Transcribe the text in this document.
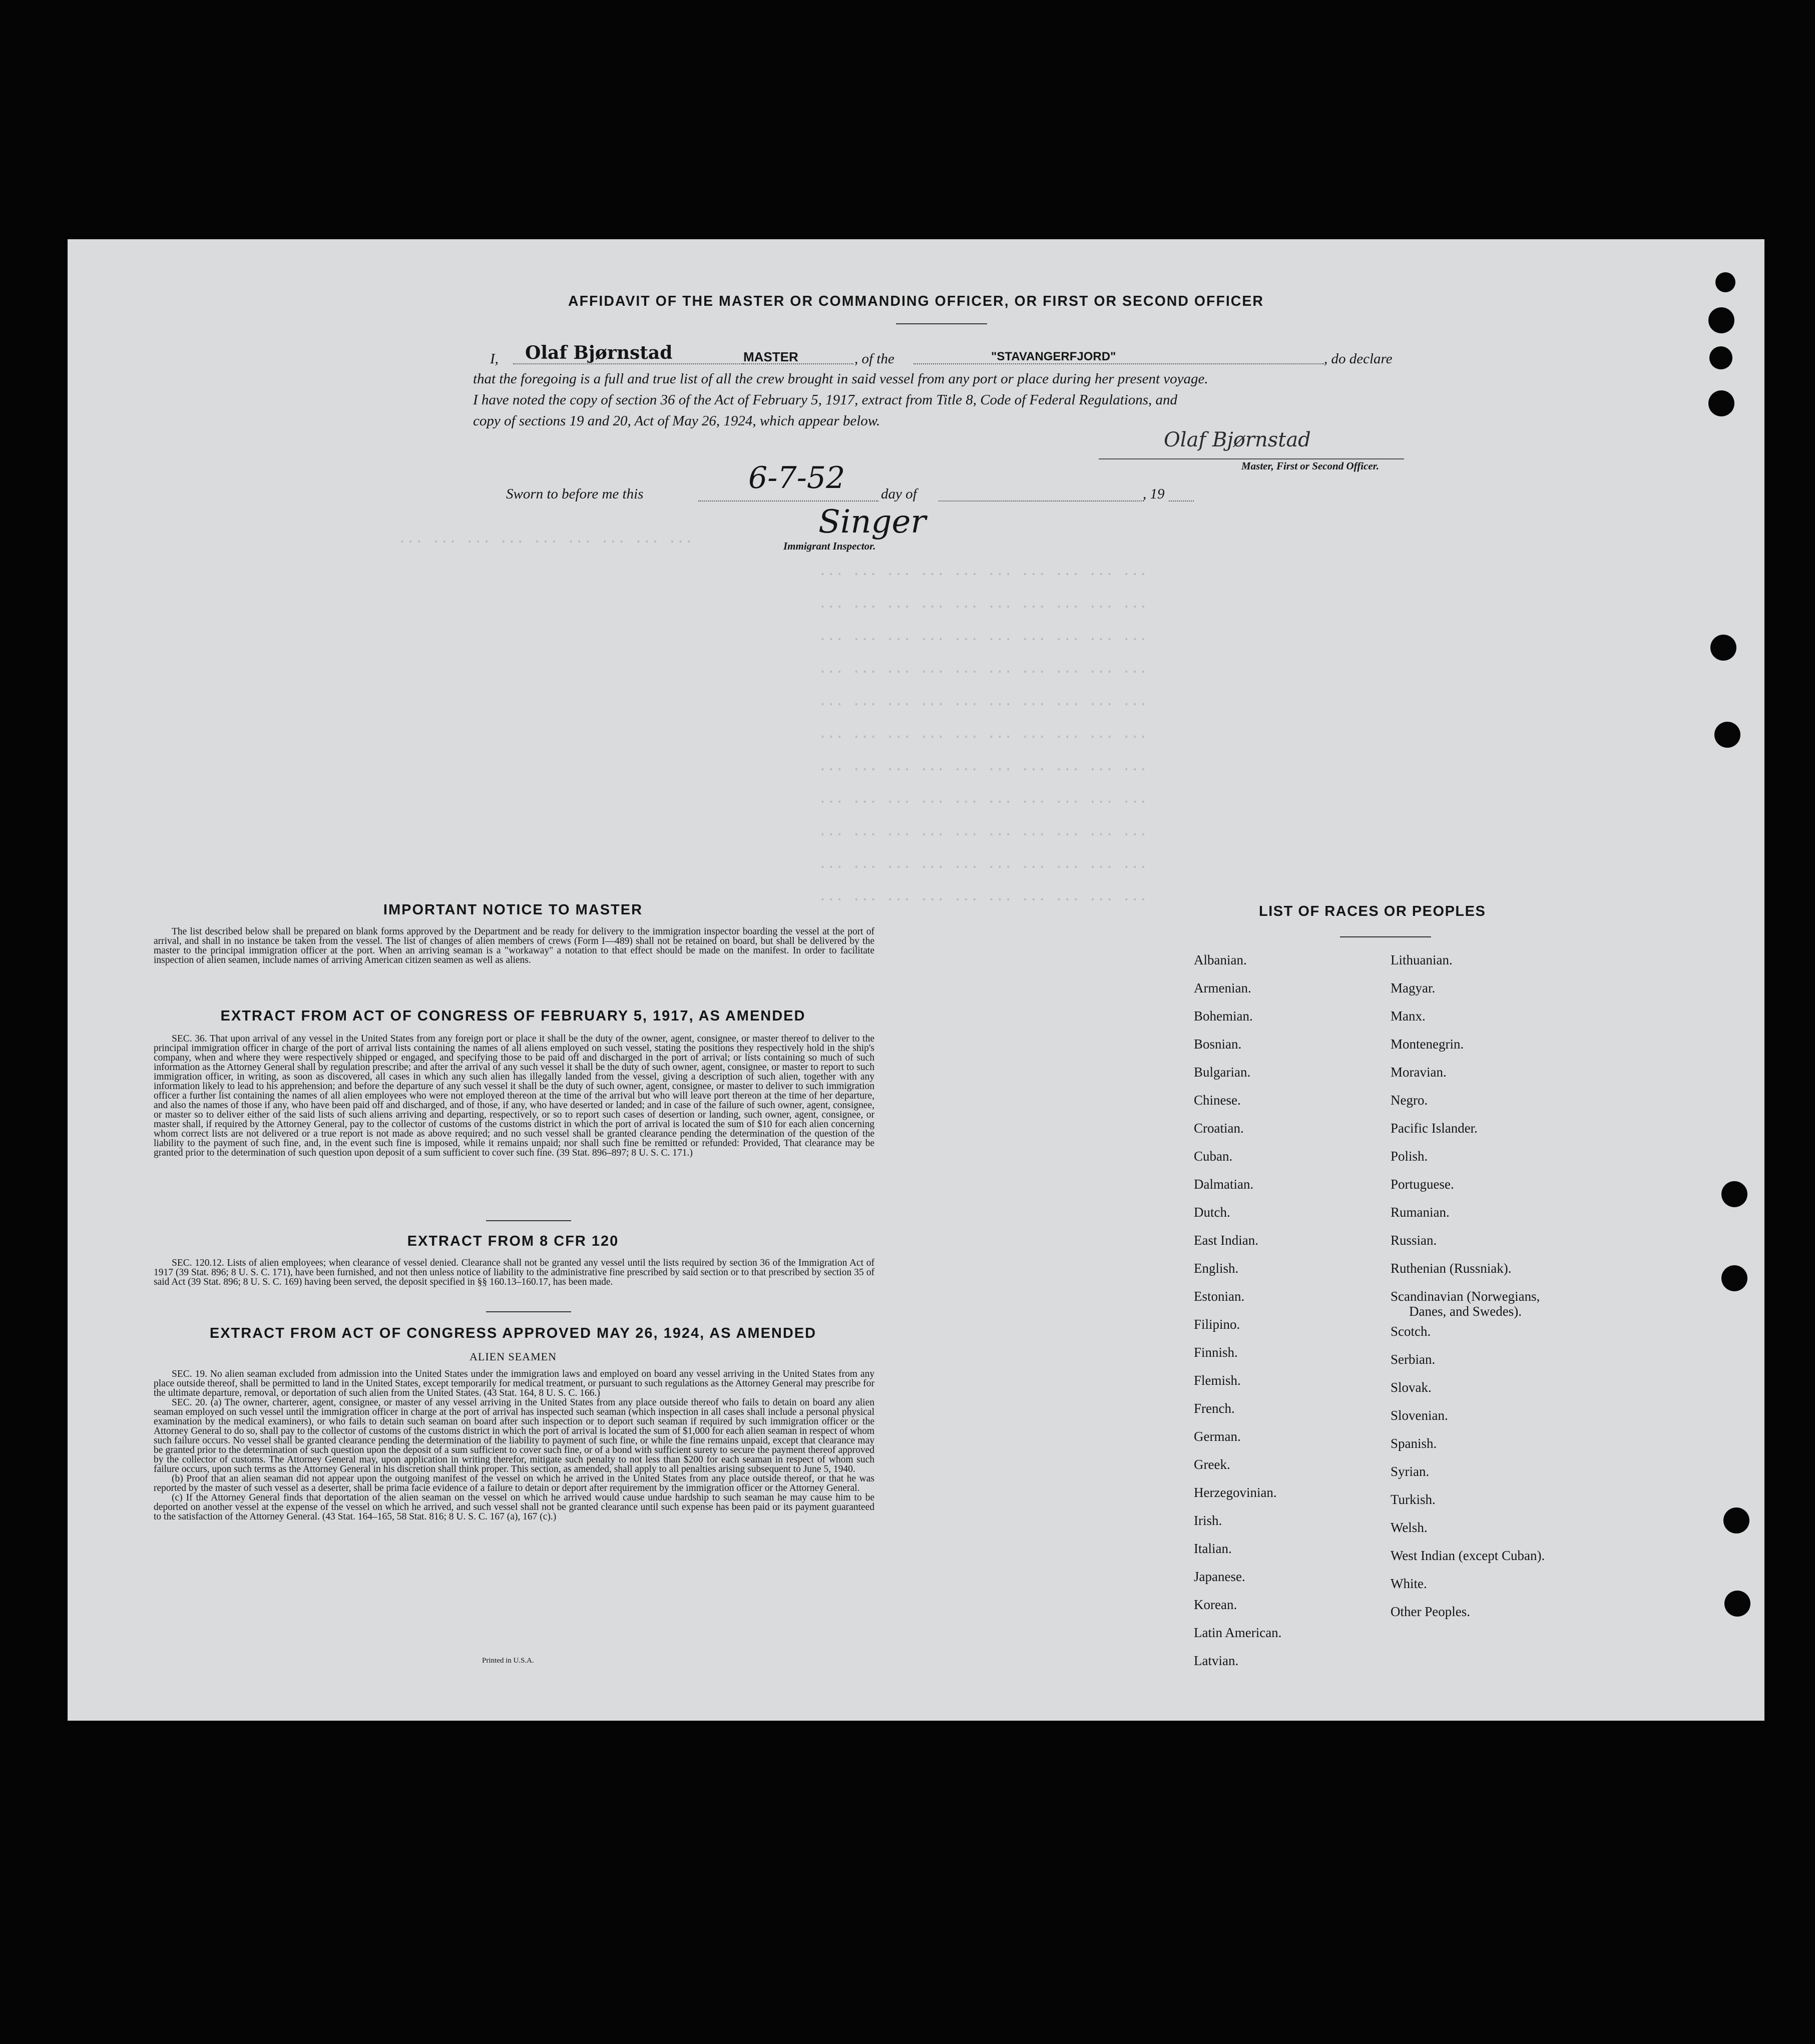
... ... ... ... ... ... ... ... ...
... ... ... ... ... ... ... ... ... ...
... ... ... ... ... ... ... ... ... ...
... ... ... ... ... ... ... ... ... ...
... ... ... ... ... ... ... ... ... ...
... ... ... ... ... ... ... ... ... ...
... ... ... ... ... ... ... ... ... ...
... ... ... ... ... ... ... ... ... ...
... ... ... ... ... ... ... ... ... ...
... ... ... ... ... ... ... ... ... ...
... ... ... ... ... ... ... ... ... ...
... ... ... ... ... ... ... ... ... ...
AFFIDAVIT OF THE MASTER OR COMMANDING OFFICER, OR FIRST OR SECOND OFFICER
I, Olaf Bjørnstad	MASTER	, of the	"STAVANGERFJORD"	, do declare
that the foregoing is a full and true list of all the crew brought in said vessel from any port or place during her present voyage.
I have noted the copy of section 36 of the Act of February 5, 1917, extract from Title 8, Code of Federal Regulations, and
copy of sections 19 and 20, Act of May 26, 1924, which appear below.
Olaf Bjørnstad
Master, First or Second Officer.
Sworn to before me this	6-7-52 day of	, 19
Singer
Immigrant Inspector.
IMPORTANT NOTICE TO MASTER

The list described below shall be prepared on blank forms approved by the Department and be ready for delivery to the immigration inspector boarding the vessel at the port of arrival, and shall in no instance be taken from the vessel. The list of changes of alien members of crews (Form I—489) shall not be retained on board, but shall be delivered by the master to the principal immigration officer at the port. When an arriving seaman is a "workaway" a notation to that effect should be made on the manifest. In order to facilitate inspection of alien seamen, include names of arriving American citizen seamen as well as aliens.

EXTRACT FROM ACT OF CONGRESS OF FEBRUARY 5, 1917, AS AMENDED

SEC. 36. That upon arrival of any vessel in the United States from any foreign port or place it shall be the duty of the owner, agent, consignee, or master thereof to deliver to the principal immigration officer in charge of the port of arrival lists containing the names of all aliens employed on such vessel, stating the positions they respectively hold in the ship's company, when and where they were respectively shipped or engaged, and specifying those to be paid off and discharged in the port of arrival; or lists containing so much of such information as the Attorney General shall by regulation prescribe; and after the arrival of any such vessel it shall be the duty of such owner, agent, consignee, or master to report to such immigration officer, in writing, as soon as discovered, all cases in which any such alien has illegally landed from the vessel, giving a description of such alien, together with any information likely to lead to his apprehension; and before the departure of any such vessel it shall be the duty of such owner, agent, consignee, or master to deliver to such immigration officer a further list containing the names of all alien employees who were not employed thereon at the time of the arrival but who will leave port thereon at the time of her departure, and also the names of those if any, who have been paid off and discharged, and of those, if any, who have deserted or landed; and in case of the failure of such owner, agent, consignee, or master so to deliver either of the said lists of such aliens arriving and departing, respectively, or so to report such cases of desertion or landing, such owner, agent, consignee, or master shall, if required by the Attorney General, pay to the collector of customs of the customs district in which the port of arrival is located the sum of $10 for each alien concerning whom correct lists are not delivered or a true report is not made as above required; and no such vessel shall be granted clearance pending the determination of the question of the liability to the payment of such fine, and, in the event such fine is imposed, while it remains unpaid; nor shall such fine be remitted or refunded: Provided, That clearance may be granted prior to the determination of such question upon deposit of a sum sufficient to cover such fine. (39 Stat. 896–897; 8 U. S. C. 171.)

EXTRACT FROM 8 CFR 120

SEC. 120.12. Lists of alien employees; when clearance of vessel denied. Clearance shall not be granted any vessel until the lists required by section 36 of the Immigration Act of 1917 (39 Stat. 896; 8 U. S. C. 171), have been furnished, and not then unless notice of liability to the administrative fine prescribed by said section or to that prescribed by section 35 of said Act (39 Stat. 896; 8 U. S. C. 169) having been served, the deposit specified in §§ 160.13–160.17, has been made.

EXTRACT FROM ACT OF CONGRESS APPROVED MAY 26, 1924, AS AMENDED
ALIEN SEAMEN

SEC. 19. No alien seaman excluded from admission into the United States under the immigration laws and employed on board any vessel arriving in the United States from any place outside thereof, shall be permitted to land in the United States, except temporarily for medical treatment, or pursuant to such regulations as the Attorney General may prescribe for the ultimate departure, removal, or deportation of such alien from the United States. (43 Stat. 164, 8 U. S. C. 166.)

SEC. 20. (a) The owner, charterer, agent, consignee, or master of any vessel arriving in the United States from any place outside thereof who fails to detain on board any alien seaman employed on such vessel until the immigration officer in charge at the port of arrival has inspected such seaman (which inspection in all cases shall include a personal physical examination by the medical examiners), or who fails to detain such seaman on board after such inspection or to deport such seaman if required by such immigration officer or the Attorney General to do so, shall pay to the collector of customs of the customs district in which the port of arrival is located the sum of $1,000 for each alien seaman in respect of whom such failure occurs. No vessel shall be granted clearance pending the determination of the liability to payment of such fine, or while the fine remains unpaid, except that clearance may be granted prior to the determination of such question upon the deposit of a sum sufficient to cover such fine, or of a bond with sufficient surety to secure the payment thereof approved by the collector of customs. The Attorney General may, upon application in writing therefor, mitigate such penalty to not less than $200 for each seaman in respect of whom such failure occurs, upon such terms as the Attorney General in his discretion shall think proper. This section, as amended, shall apply to all penalties arising subsequent to June 5, 1940.

(b) Proof that an alien seaman did not appear upon the outgoing manifest of the vessel on which he arrived in the United States from any place outside thereof, or that he was reported by the master of such vessel as a deserter, shall be prima facie evidence of a failure to detain or deport after requirement by the immigration officer or the Attorney General.

(c) If the Attorney General finds that deportation of the alien seaman on the vessel on which he arrived would cause undue hardship to such seaman he may cause him to be deported on another vessel at the expense of the vessel on which he arrived, and such vessel shall not be granted clearance until such expense has been paid or its payment guaranteed to the satisfaction of the Attorney General. (43 Stat. 164–165, 58 Stat. 816; 8 U. S. C. 167 (a), 167 (c).)

Printed in U.S.A.
LIST OF RACES OR PEOPLES
Albanian.
Armenian.
Bohemian.
Bosnian.
Bulgarian.
Chinese.
Croatian.
Cuban.
Dalmatian.
Dutch.
East Indian.
English.
Estonian.
Filipino.
Finnish.
Flemish.
French.
German.
Greek.
Herzegovinian.
Irish.
Italian.
Japanese.
Korean.
Latin American.
Latvian.
Lithuanian.
Magyar.
Manx.
Montenegrin.
Moravian.
Negro.
Pacific Islander.
Polish.
Portuguese.
Rumanian.
Russian.
Ruthenian (Russniak).
Scandinavian (Norwegians,
Danes, and Swedes).
Scotch.
Serbian.
Slovak.
Slovenian.
Spanish.
Syrian.
Turkish.
Welsh.
West Indian (except Cuban).
White.
Other Peoples.
